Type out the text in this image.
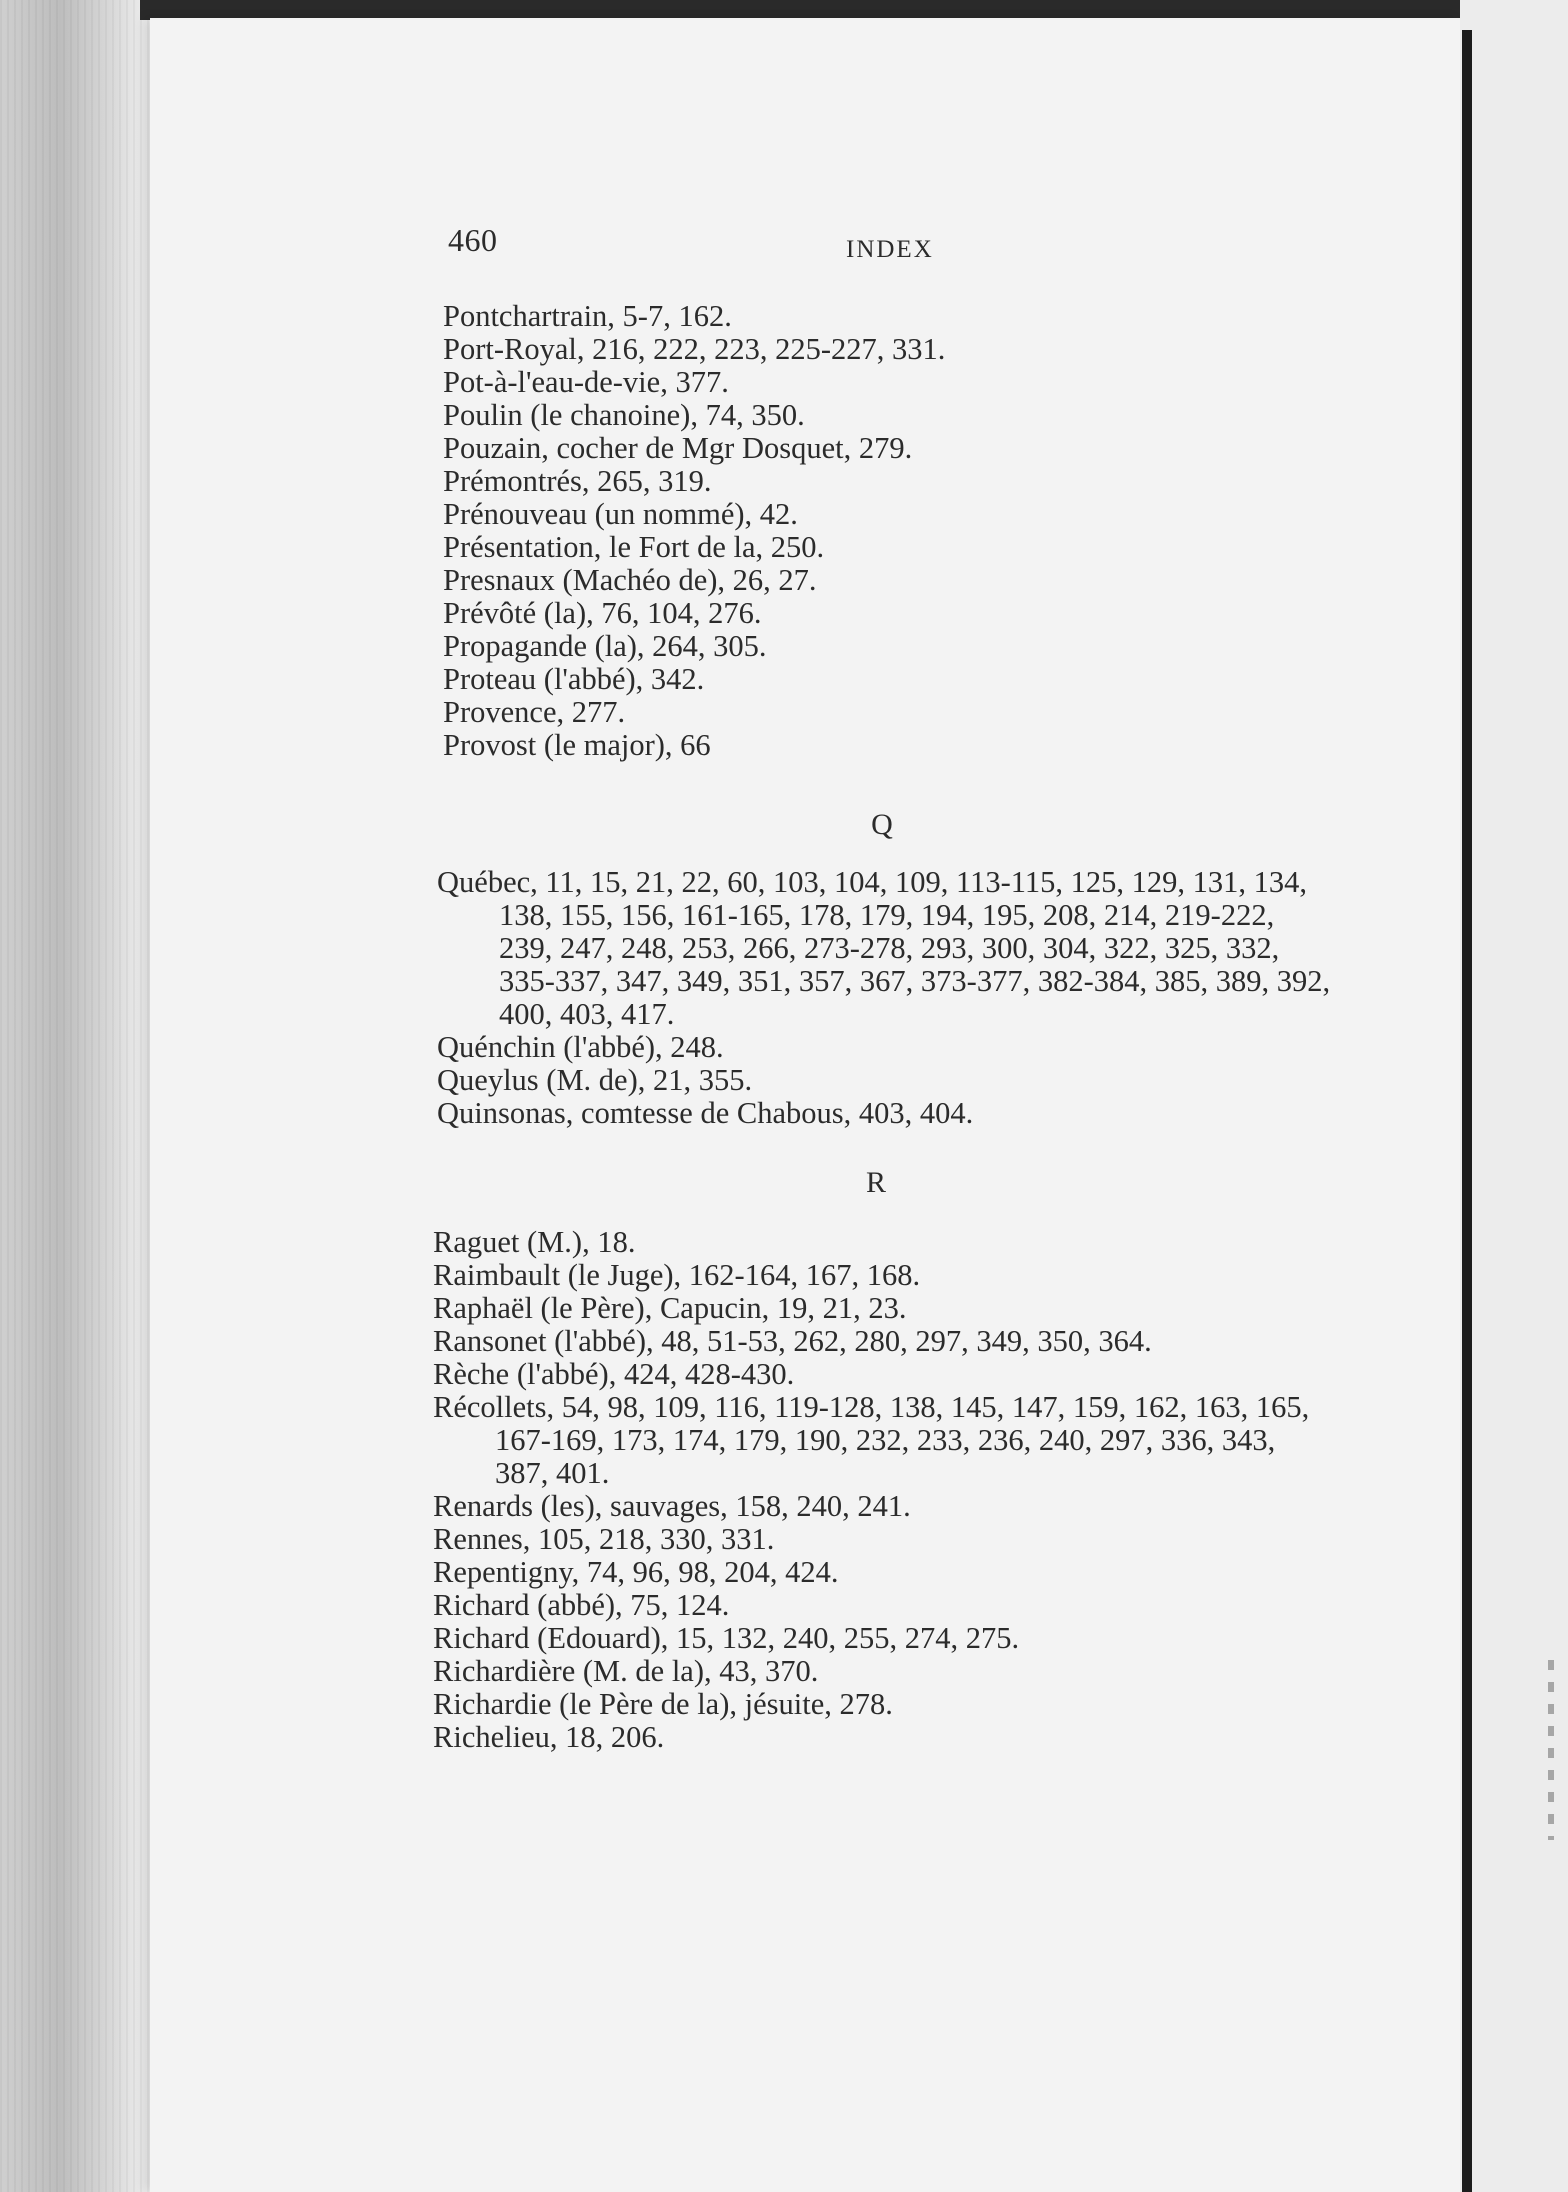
460	INDEX

Pontchartrain, 5-7, 162.

Port-Royal, 216, 222, 223, 225-227, 331.

Pot-à-l'eau-de-vie, 377.

Poulin (le chanoine), 74, 350.

Pouzain, cocher de Mgr Dosquet, 279.

Prémontrés, 265, 319.

Prénouveau (un nommé), 42.

Présentation, le Fort de la, 250.

Presnaux (Machéo de), 26, 27.

Prévôté (la), 76, 104, 276.

Propagande (la), 264, 305.

Proteau (l'abbé), 342.

Provence, 277.

Provost (le major), 66

Q

Québec, 11, 15, 21, 22, 60, 103, 104, 109, 113-115, 125, 129, 131, 134, 138, 155, 156, 161-165, 178, 179, 194, 195, 208, 214, 219-222, 239, 247, 248, 253, 266, 273-278, 293, 300, 304, 322, 325, 332, 335-337, 347, 349, 351, 357, 367, 373-377, 382-384, 385, 389, 392, 400, 403, 417.

Quénchin (l'abbé), 248.

Queylus (M. de), 21, 355.

Quinsonas, comtesse de Chabous, 403, 404.

R

Raguet (M.), 18.

Raimbault (le Juge), 162-164, 167, 168.

Raphaël (le Père), Capucin, 19, 21, 23.

Ransonet (l'abbé), 48, 51-53, 262, 280, 297, 349, 350, 364.

Rèche (l'abbé), 424, 428-430.

Récollets, 54, 98, 109, 116, 119-128, 138, 145, 147, 159, 162, 163, 165, 167-169, 173, 174, 179, 190, 232, 233, 236, 240, 297, 336, 343, 387, 401.

Renards (les), sauvages, 158, 240, 241.

Rennes, 105, 218, 330, 331.

Repentigny, 74, 96, 98, 204, 424.

Richard (abbé), 75, 124.

Richard (Edouard), 15, 132, 240, 255, 274, 275.

Richardière (M. de la), 43, 370.

Richardie (le Père de la), jésuite, 278.

Richelieu, 18, 206.
